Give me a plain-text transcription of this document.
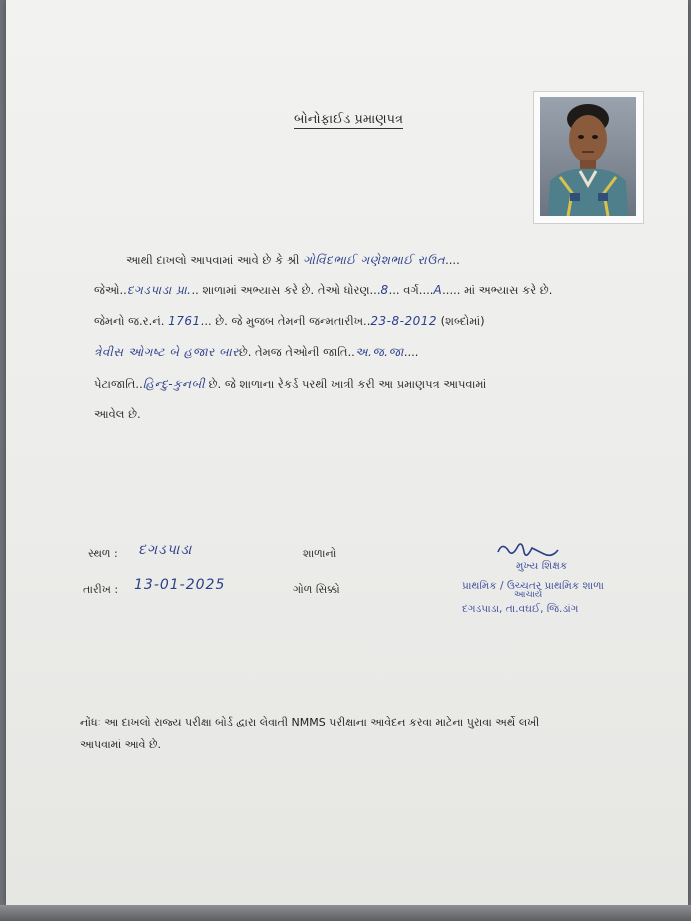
બોનોફાઈડ પ્રમાણપત્ર
આથી દાખલો આપવામાં આવે છે કે શ્રી ગોવિંદભાઈ ગણેશભાઈ રાઉત....
જેઓ..દગડપાડા પ્રા... શાળામાં અભ્યાસ કરે છે. તેઓ ધોરણ...8... વર્ગ....A..... માં અભ્યાસ કરે છે.
જેમનો જ.ર.નં. 1761... છે. જે મુજબ તેમની જન્મતારીખ..23-8-2012 (શબ્દોમાં)
ત્રેવીસ ઓગષ્ટ બે હજાર બારછે. તેમજ તેઓની જાતિ..અ.જ.જા....
પેટાજાતિ..હિન્દુ-કુનબી છે. જે શાળાના રેકર્ડ પરથી ખાત્રી કરી આ પ્રમાણપત્ર આપવામાં
આવેલ છે.
સ્થળ : દગડપાડા
તારીખ : 13-01-2025
શાળાનો
ગોળ સિક્કો
મુખ્ય શિક્ષક
પ્રાથમિક / ઉચ્ચતર પ્રાથમિક શાળા
આચાર્ય
દગડપાડા, તા.વઘઈ, જિ.ડાંગ
નોંધઃ આ દાખલો રાજ્ય પરીક્ષા બોર્ડ દ્વારા લેવાતી NMMS પરીક્ષાના આવેદન કરવા માટેના પુરાવા અર્થે લખી
આપવામાં આવે છે.
